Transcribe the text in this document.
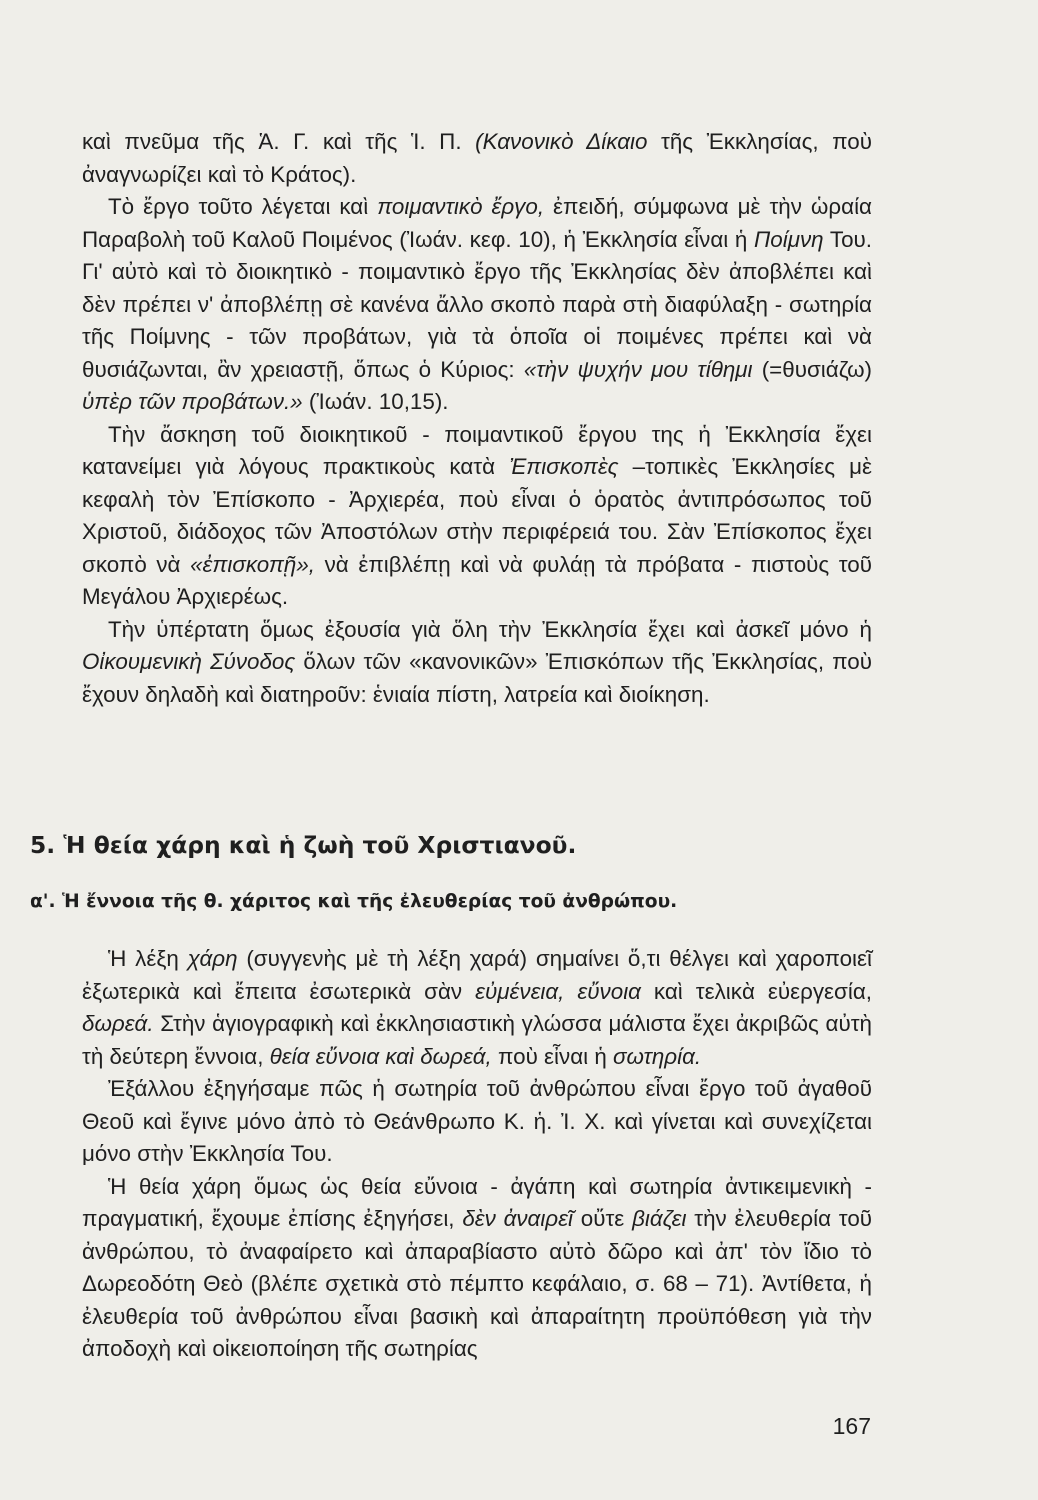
καὶ πνεῦμα τῆς Ἁ. Γ. καὶ τῆς Ἱ. Π. (Κανονικὸ Δίκαιο τῆς Ἐκκλησίας, ποὺ ἀναγνωρίζει καὶ τὸ Κράτος).

Τὸ ἔργο τοῦτο λέγεται καὶ ποιμαντικὸ ἔργο, ἐπειδή, σύμφωνα μὲ τὴν ὡραία Παραβολὴ τοῦ Καλοῦ Ποιμένος (Ἰωάν. κεφ. 10), ἡ Ἐκκλησία εἶναι ἡ Ποίμνη Του. Γι' αὐτὸ καὶ τὸ διοικητικὸ - ποιμαντικὸ ἔργο τῆς Ἐκκλησίας δὲν ἀποβλέπει καὶ δὲν πρέπει ν' ἀποβλέπῃ σὲ κανένα ἄλλο σκοπὸ παρὰ στὴ διαφύλαξη - σωτηρία τῆς Ποίμνης - τῶν προβάτων, γιὰ τὰ ὁποῖα οἱ ποιμένες πρέπει καὶ νὰ θυσιάζωνται, ἂν χρειαστῇ, ὅπως ὁ Κύριος: «τὴν ψυχήν μου τίθημι (=θυσιάζω) ὑπὲρ τῶν προβάτων.» (Ἰωάν. 10,15).

Τὴν ἄσκηση τοῦ διοικητικοῦ - ποιμαντικοῦ ἔργου της ἡ Ἐκκλησία ἔχει κατανείμει γιὰ λόγους πρακτικοὺς κατὰ Ἐπισκοπὲς –τοπικὲς Ἐκκλησίες μὲ κεφαλὴ τὸν Ἐπίσκοπο - Ἀρχιερέα, ποὺ εἶναι ὁ ὁρατὸς ἀντιπρόσωπος τοῦ Χριστοῦ, διάδοχος τῶν Ἀποστόλων στὴν περιφέρειά του. Σὰν Ἐπίσκοπος ἔχει σκοπὸ νὰ «ἐπισκοπῇ», νὰ ἐπιβλέπῃ καὶ νὰ φυλάῃ τὰ πρόβατα - πιστοὺς τοῦ Μεγάλου Ἀρχιερέως.

Τὴν ὑπέρτατη ὅμως ἐξουσία γιὰ ὅλη τὴν Ἐκκλησία ἔχει καὶ ἀσκεῖ μόνο ἡ Οἰκουμενικὴ Σύνοδος ὅλων τῶν «κανονικῶν» Ἐπισκόπων τῆς Ἐκκλησίας, ποὺ ἔχουν δηλαδὴ καὶ διατηροῦν: ἑνιαία πίστη, λατρεία καὶ διοίκηση.

5. Ἡ θεία χάρη καὶ ἡ ζωὴ τοῦ Χριστιανοῦ.
α'. Ἡ ἔννοια τῆς θ. χάριτος καὶ τῆς ἐλευθερίας τοῦ ἀνθρώπου.

Ἡ λέξη χάρη (συγγενὴς μὲ τὴ λέξη χαρά) σημαίνει ὅ,τι θέλγει καὶ χαροποιεῖ ἐξωτερικὰ καὶ ἔπειτα ἐσωτερικὰ σὰν εὐμένεια, εὔνοια καὶ τελικὰ εὐεργεσία, δωρεά. Στὴν ἁγιογραφικὴ καὶ ἐκκλησιαστικὴ γλώσσα μάλιστα ἔχει ἀκριβῶς αὐτὴ τὴ δεύτερη ἔννοια, θεία εὔνοια καὶ δωρεά, ποὺ εἶναι ἡ σωτηρία.

Ἐξάλλου ἐξηγήσαμε πῶς ἡ σωτηρία τοῦ ἀνθρώπου εἶναι ἔργο τοῦ ἀγαθοῦ Θεοῦ καὶ ἔγινε μόνο ἀπὸ τὸ Θεάνθρωπο Κ. ἡ. Ἰ. Χ. καὶ γίνεται καὶ συνεχίζεται μόνο στὴν Ἐκκλησία Του.

Ἡ θεία χάρη ὅμως ὡς θεία εὔνοια - ἀγάπη καὶ σωτηρία ἀντικειμενικὴ - πραγματική, ἔχουμε ἐπίσης ἐξηγήσει, δὲν ἀναιρεῖ οὔτε βιάζει τὴν ἐλευθερία τοῦ ἀνθρώπου, τὸ ἀναφαίρετο καὶ ἀπαραβίαστο αὐτὸ δῶρο καὶ ἀπ' τὸν ἴδιο τὸ Δωρεοδότη Θεὸ (βλέπε σχετικὰ στὸ πέμπτο κεφάλαιο, σ. 68 – 71). Ἀντίθετα, ἡ ἐλευθερία τοῦ ἀνθρώπου εἶναι βασικὴ καὶ ἀπαραίτητη προϋπόθεση γιὰ τὴν ἀποδοχὴ καὶ οἰκειοποίηση τῆς σωτηρίας

167
